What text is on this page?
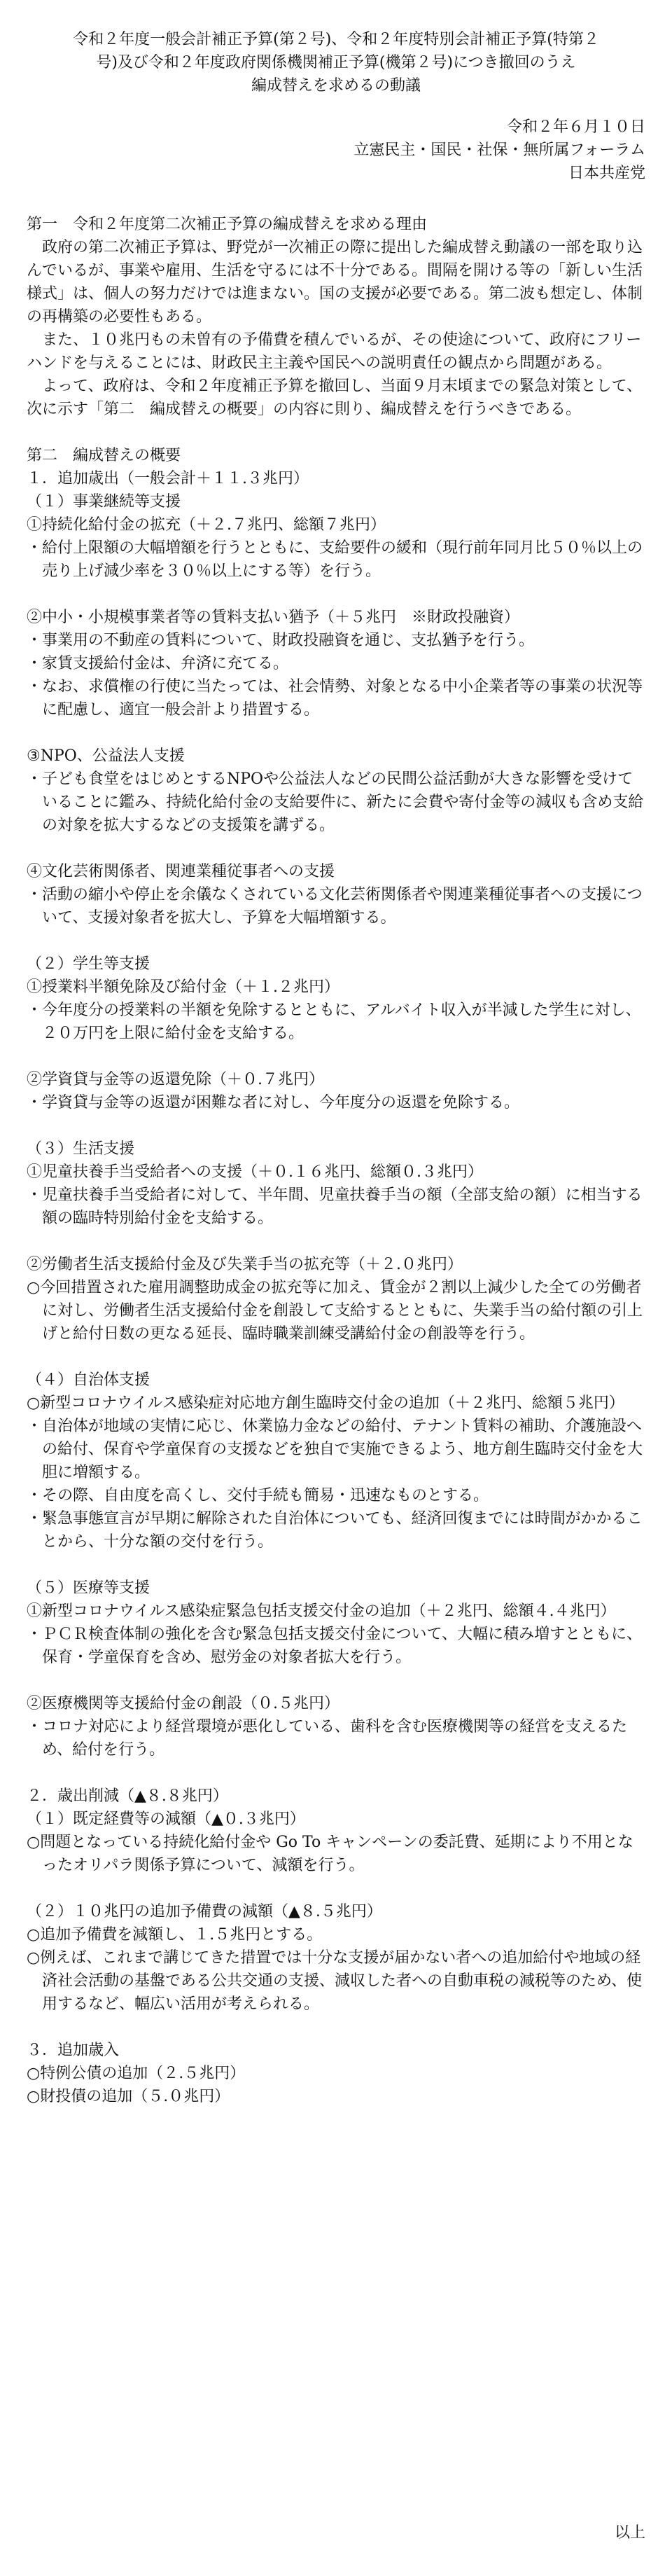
令和２年度一般会計補正予算(第２号)、令和２年度特別会計補正予算(特第２

号)及び令和２年度政府関係機関補正予算(機第２号)につき撤回のうえ

編成替えを求めるの動議

令和２年６月１０日

立憲民主・国民・社保・無所属フォーラム

日本共産党

第一　令和２年度第二次補正予算の編成替えを求める理由

政府の第二次補正予算は、野党が一次補正の際に提出した編成替え動議の一部を取り込んでいるが、事業や雇用、生活を守るには不十分である。間隔を開ける等の「新しい生活様式」は、個人の努力だけでは進まない。国の支援が必要である。第二波も想定し、体制の再構築の必要性もある。

また、１０兆円もの未曽有の予備費を積んでいるが、その使途について、政府にフリーハンドを与えることには、財政民主主義や国民への説明責任の観点から問題がある。

よって、政府は、令和２年度補正予算を撤回し、当面９月末頃までの緊急対策として、次に示す「第二　編成替えの概要」の内容に則り、編成替えを行うべきである。

第二　編成替えの概要

１．追加歳出（一般会計＋１１.３兆円）

（１）事業継続等支援

①持続化給付金の拡充（＋２.７兆円、総額７兆円）

・給付上限額の大幅増額を行うとともに、支給要件の緩和（現行前年同月比５０％以上の売り上げ減少率を３０％以上にする等）を行う。

②中小・小規模事業者等の賃料支払い猶予（＋５兆円　※財政投融資）

・事業用の不動産の賃料について、財政投融資を通じ、支払猶予を行う。

・家賃支援給付金は、弁済に充てる。

・なお、求償権の行使に当たっては、社会情勢、対象となる中小企業者等の事業の状況等に配慮し、適宜一般会計より措置する。

③NPO、公益法人支援

・子ども食堂をはじめとするNPOや公益法人などの民間公益活動が大きな影響を受けていることに鑑み、持続化給付金の支給要件に、新たに会費や寄付金等の減収も含め支給の対象を拡大するなどの支援策を講ずる。

④文化芸術関係者、関連業種従事者への支援

・活動の縮小や停止を余儀なくされている文化芸術関係者や関連業種従事者への支援について、支援対象者を拡大し、予算を大幅増額する。

（２）学生等支援

①授業料半額免除及び給付金（＋１.２兆円）

・今年度分の授業料の半額を免除するとともに、アルバイト収入が半減した学生に対し、２０万円を上限に給付金を支給する。

②学資貸与金等の返還免除（＋０.７兆円）

・学資貸与金等の返還が困難な者に対し、今年度分の返還を免除する。

（３）生活支援

①児童扶養手当受給者への支援（＋０.１６兆円、総額０.３兆円）

・児童扶養手当受給者に対して、半年間、児童扶養手当の額（全部支給の額）に相当する額の臨時特別給付金を支給する。

②労働者生活支援給付金及び失業手当の拡充等（＋２.０兆円）

○今回措置された雇用調整助成金の拡充等に加え、賃金が２割以上減少した全ての労働者に対し、労働者生活支援給付金を創設して支給するとともに、失業手当の給付額の引上げと給付日数の更なる延長、臨時職業訓練受講給付金の創設等を行う。

（４）自治体支援

○新型コロナウイルス感染症対応地方創生臨時交付金の追加（＋２兆円、総額５兆円）

・自治体が地域の実情に応じ、休業協力金などの給付、テナント賃料の補助、介護施設への給付、保育や学童保育の支援などを独自で実施できるよう、地方創生臨時交付金を大胆に増額する。

・その際、自由度を高くし、交付手続も簡易・迅速なものとする。

・緊急事態宣言が早期に解除された自治体についても、経済回復までには時間がかかることから、十分な額の交付を行う。

（５）医療等支援

①新型コロナウイルス感染症緊急包括支援交付金の追加（＋２兆円、総額４.４兆円）

・ＰＣＲ検査体制の強化を含む緊急包括支援交付金について、大幅に積み増すとともに、保育・学童保育を含め、慰労金の対象者拡大を行う。

②医療機関等支援給付金の創設（０.５兆円）

・コロナ対応により経営環境が悪化している、歯科を含む医療機関等の経営を支えるため、給付を行う。

２．歳出削減（▲８.８兆円）

（１）既定経費等の減額（▲０.３兆円）

○問題となっている持続化給付金や Go To キャンペーンの委託費、延期により不用となったオリパラ関係予算について、減額を行う。

（２）１０兆円の追加予備費の減額（▲８.５兆円）

○追加予備費を減額し、１.５兆円とする。

○例えば、これまで講じてきた措置では十分な支援が届かない者への追加給付や地域の経済社会活動の基盤である公共交通の支援、減収した者への自動車税の減税等のため、使用するなど、幅広い活用が考えられる。

３．追加歳入

○特例公債の追加（２.５兆円）

○財投債の追加（５.０兆円）

以上
